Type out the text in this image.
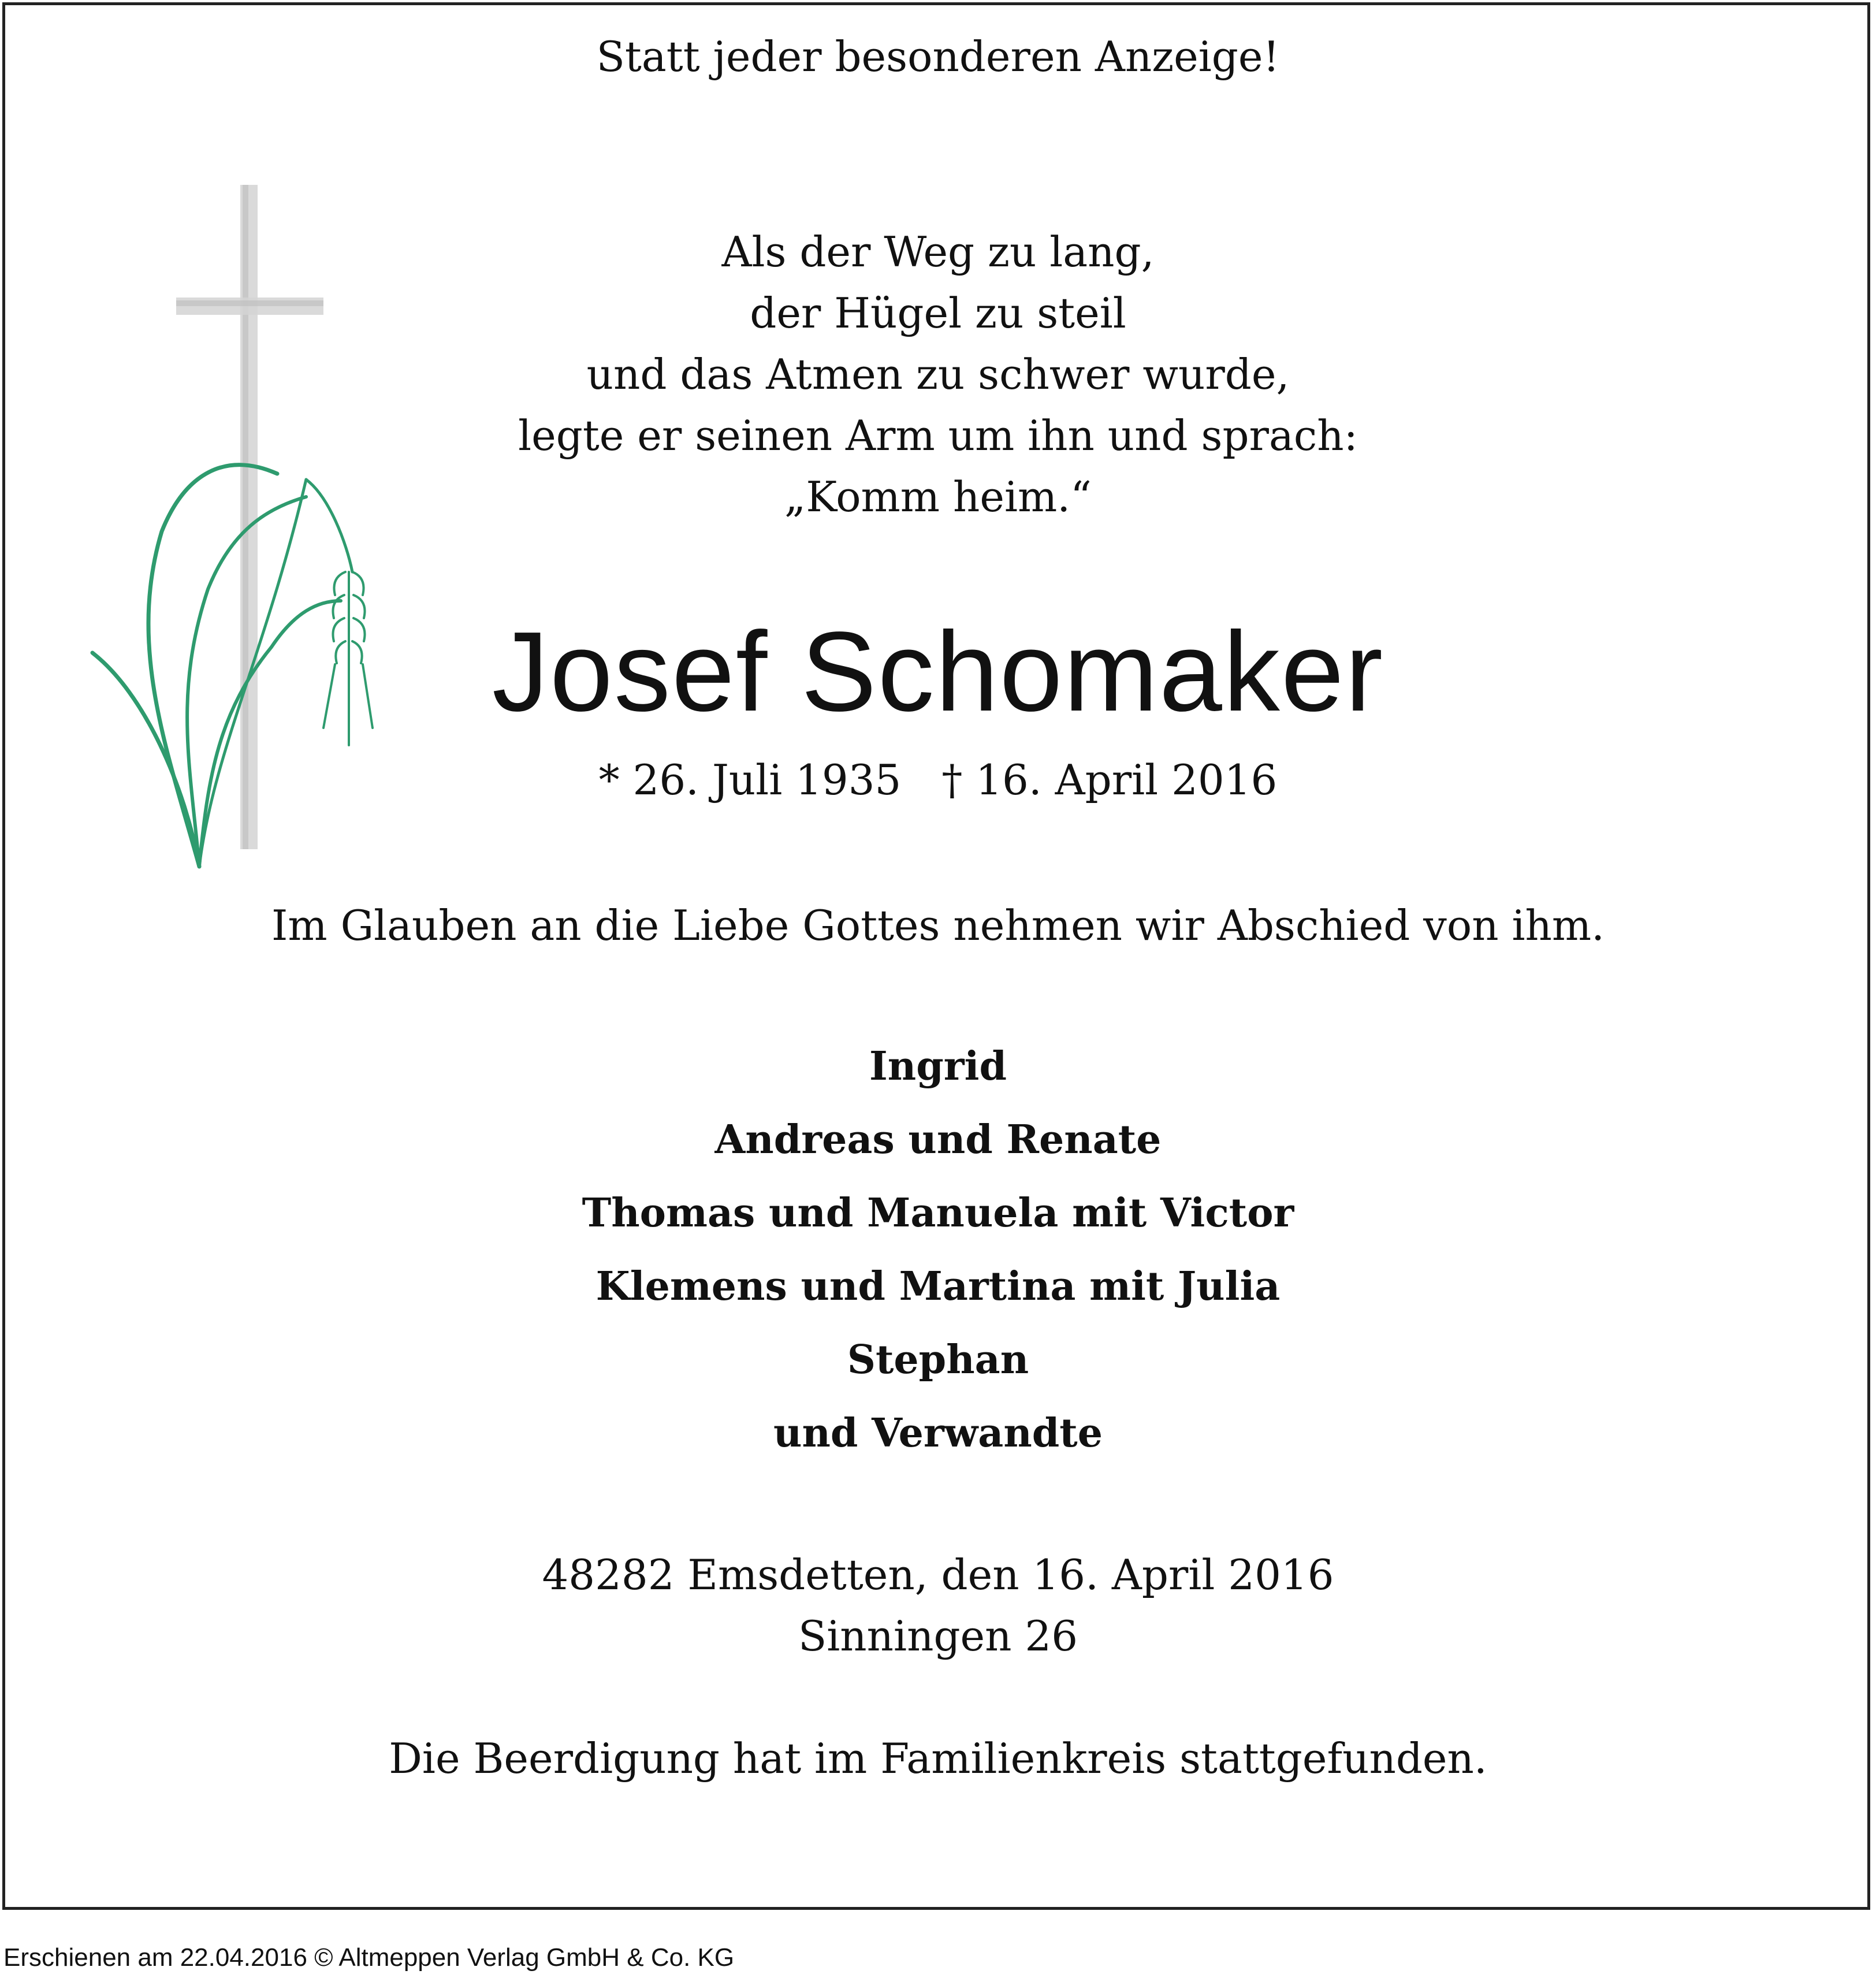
Statt jeder besonderen Anzeige!
Als der Weg zu lang,
der Hügel zu steil
und das Atmen zu schwer wurde,
legte er seinen Arm um ihn und sprach:
„Komm heim.“
Josef Schomaker
* 26. Juli 1935 † 16. April 2016
Im Glauben an die Liebe Gottes nehmen wir Abschied von ihm.
Ingrid
Andreas und Renate
Thomas und Manuela mit Victor
Klemens und Martina mit Julia
Stephan
und Verwandte
48282 Emsdetten, den 16. April 2016
Sinningen 26
Die Beerdigung hat im Familienkreis stattgefunden.
Erschienen am 22.04.2016 © Altmeppen Verlag GmbH & Co. KG
